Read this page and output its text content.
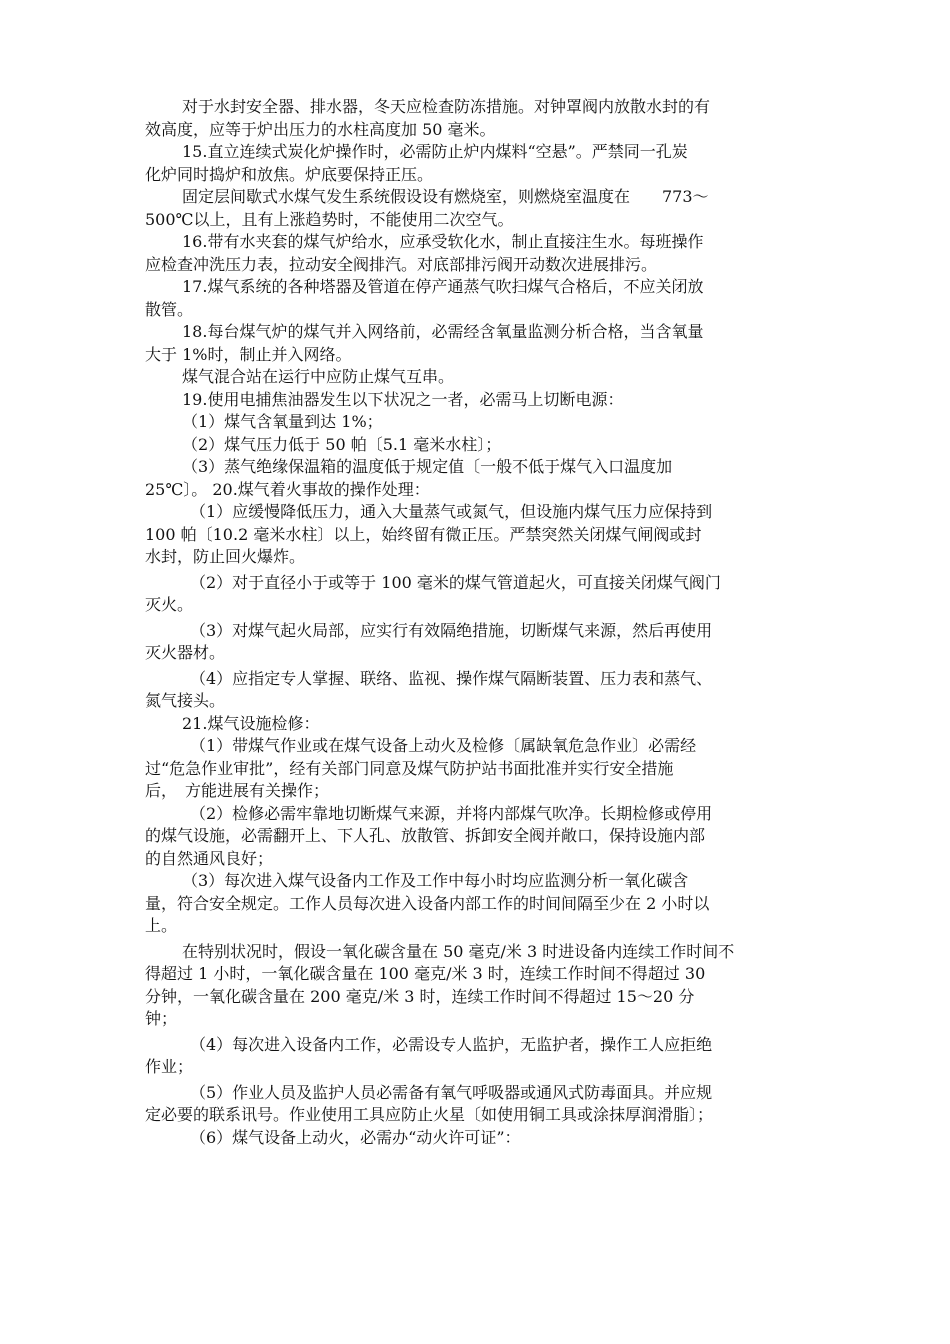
对于水封安全器、排水器，冬天应检查防冻措施。对钟罩阀内放散水封的有
效高度，应等于炉出压力的水柱高度加 50 毫米。
15.直立连续式炭化炉操作时，必需防止炉内煤料“空悬”。严禁同一孔炭
化炉同时捣炉和放焦。炉底要保持正压。
固定层间歇式水煤气发生系统假设设有燃烧室，则燃烧室温度在　　773～
500℃以上，且有上涨趋势时，不能使用二次空气。
16.带有水夹套的煤气炉给水，应承受软化水，制止直接注生水。每班操作
应检查冲洗压力表，拉动安全阀排汽。对底部排污阀开动数次进展排污。
17.煤气系统的各种塔器及管道在停产通蒸气吹扫煤气合格后，不应关闭放
散管。
18.每台煤气炉的煤气并入网络前，必需经含氧量监测分析合格，当含氧量
大于 1%时，制止并入网络。
煤气混合站在运行中应防止煤气互串。
19.使用电捕焦油器发生以下状况之一者，必需马上切断电源：
（1）煤气含氧量到达 1%；
（2）煤气压力低于 50 帕〔5.1 毫米水柱〕；
（3）蒸气绝缘保温箱的温度低于规定值〔一般不低于煤气入口温度加
25℃〕。 20.煤气着火事故的操作处理：
（1）应缓慢降低压力，通入大量蒸气或氮气，但设施内煤气压力应保持到
100 帕〔10.2 毫米水柱〕以上，始终留有微正压。严禁突然关闭煤气闸阀或封
水封，防止回火爆炸。
（2）对于直径小于或等于 100 毫米的煤气管道起火，可直接关闭煤气阀门
灭火。
（3）对煤气起火局部，应实行有效隔绝措施，切断煤气来源，然后再使用
灭火器材。
（4）应指定专人掌握、联络、监视、操作煤气隔断装置、压力表和蒸气、
氮气接头。
21.煤气设施检修：
（1）带煤气作业或在煤气设备上动火及检修〔属缺氧危急作业〕必需经
过“危急作业审批”，经有关部门同意及煤气防护站书面批准并实行安全措施
后，　方能进展有关操作；
（2）检修必需牢靠地切断煤气来源，并将内部煤气吹净。长期检修或停用
的煤气设施，必需翻开上、下人孔、放散管、拆卸安全阀并敞口，保持设施内部
的自然通风良好；
（3）每次进入煤气设备内工作及工作中每小时均应监测分析一氧化碳含
量，符合安全规定。工作人员每次进入设备内部工作的时间间隔至少在 2 小时以
上。
在特别状况时，假设一氧化碳含量在 50 毫克/米 3 时进设备内连续工作时间不
得超过 1 小时，一氧化碳含量在 100 毫克/米 3 时，连续工作时间不得超过 30
分钟，一氧化碳含量在 200 毫克/米 3 时，连续工作时间不得超过 15～20 分
钟；
（4）每次进入设备内工作，必需设专人监护，无监护者，操作工人应拒绝
作业；
（5）作业人员及监护人员必需备有氧气呼吸器或通风式防毒面具。并应规
定必要的联系讯号。作业使用工具应防止火星〔如使用铜工具或涂抹厚润滑脂〕；
（6）煤气设备上动火，必需办“动火许可证”：
